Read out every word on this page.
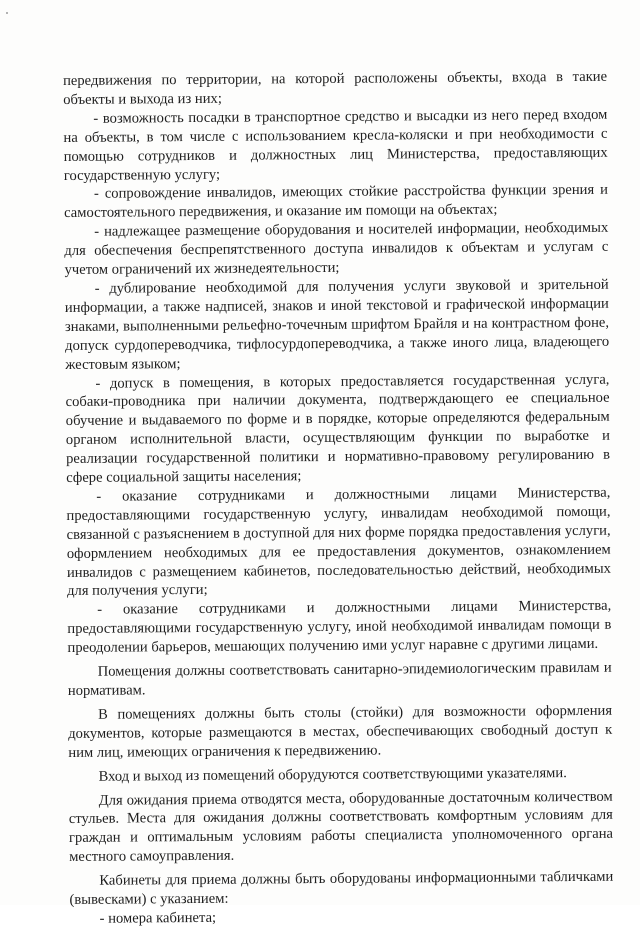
передвижения по территории, на которой расположены объекты, входа в такие объекты и выхода из них;

- возможность посадки в транспортное средство и высадки из него перед входом на объекты, в том числе с использованием кресла-коляски и при необходимости с помощью сотрудников и должностных лиц Министерства, предоставляющих государственную услугу;

- сопровождение инвалидов, имеющих стойкие расстройства функции зрения и самостоятельного передвижения, и оказание им помощи на объектах;

- надлежащее размещение оборудования и носителей информации, необходимых для обеспечения беспрепятственного доступа инвалидов к объектам и услугам с учетом ограничений их жизнедеятельности;

- дублирование необходимой для получения услуги звуковой и зрительной информации, а также надписей, знаков и иной текстовой и графической информации знаками, выполненными рельефно-точечным шрифтом Брайля и на контрастном фоне, допуск сурдопереводчика, тифлосурдопереводчика, а также иного лица, владеющего жестовым языком;

- допуск в помещения, в которых предоставляется государственная услуга, собаки-проводника при наличии документа, подтверждающего ее специальное обучение и выдаваемого по форме и в порядке, которые определяются федеральным органом исполнительной власти, осуществляющим функции по выработке и реализации государственной политики и нормативно-правовому регулированию в сфере социальной защиты населения;

- оказание сотрудниками и должностными лицами Министерства, предоставляющими государственную услугу, инвалидам необходимой помощи, связанной с разъяснением в доступной для них форме порядка предоставления услуги, оформлением необходимых для ее предоставления документов, ознакомлением инвалидов с размещением кабинетов, последовательностью действий, необходимых для получения услуги;

- оказание сотрудниками и должностными лицами Министерства, предоставляющими государственную услугу, иной необходимой инвалидам помощи в преодолении барьеров, мешающих получению ими услуг наравне с другими лицами.

Помещения должны соответствовать санитарно-эпидемиологическим правилам и нормативам.

В помещениях должны быть столы (стойки) для возможности оформления документов, которые размещаются в местах, обеспечивающих свободный доступ к ним лиц, имеющих ограничения к передвижению.

Вход и выход из помещений оборудуются соответствующими указателями.

Для ожидания приема отводятся места, оборудованные достаточным количеством стульев. Места для ожидания должны соответствовать комфортным условиям для граждан и оптимальным условиям работы специалиста уполномоченного органа местного самоуправления.

Кабинеты для приема должны быть оборудованы информационными табличками (вывесками) с указанием:

- номера кабинета;
